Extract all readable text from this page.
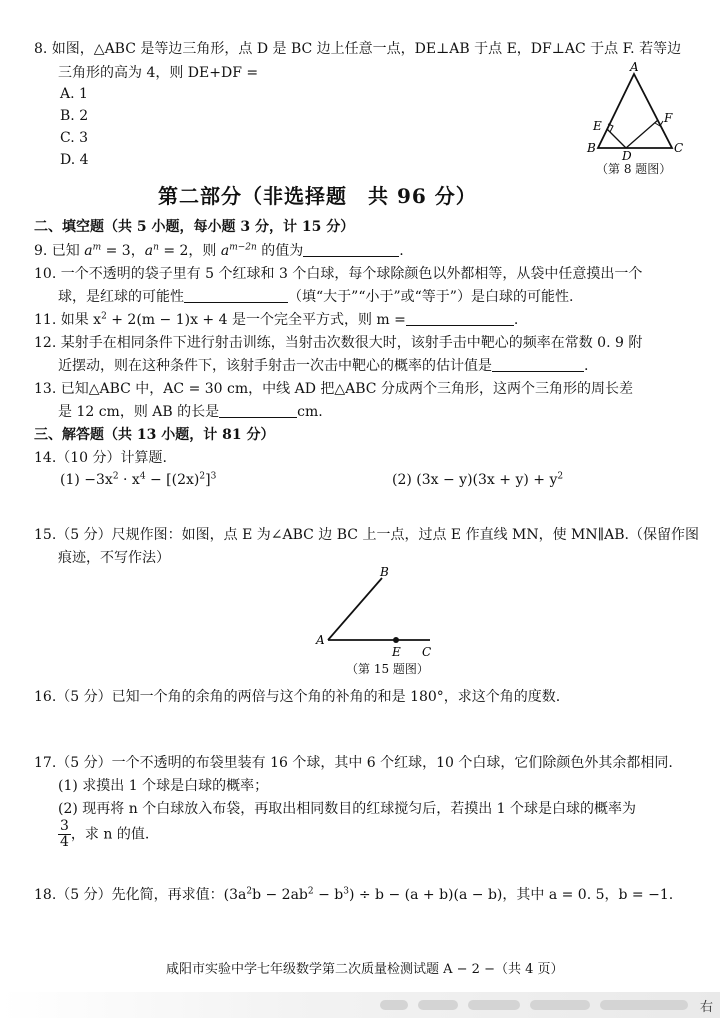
8. 如图，△ABC 是等边三角形，点 D 是 BC 边上任意一点，DE⊥AB 于点 E，DF⊥AC 于点 F. 若等边
三角形的高为 4，则 DE+DF =
A. 1
B. 2
C. 3
D. 4
A
E
F
B
D
C
（第 8 题图）
第二部分（非选择题　共 96 分）
二、填空题（共 5 小题，每小题 3 分，计 15 分）
9. 已知 $a^m = 3$，$a^n = 2$，则 $a^{m-2n}$ 的值为	.
10. 一个不透明的袋子里有 5 个红球和 3 个白球，每个球除颜色以外都相等，从袋中任意摸出一个
球，是红球的可能性	（填“大于”“小于”或“等于”）是白球的可能性.
11. 如果 $x^2 + 2(m - 1)x + 4$ 是一个完全平方式，则 m =	.
12. 某射手在相同条件下进行射击训练，当射击次数很大时，该射手击中靶心的频率在常数 0. 9 附
近摆动，则在这种条件下，该射手射击一次击中靶心的概率的估计值是	.
13. 已知△ABC 中，AC = 30 cm，中线 AD 把△ABC 分成两个三角形，这两个三角形的周长差
是 12 cm，则 AB 的长是	cm.
三、解答题（共 13 小题，计 81 分）
14.（10 分）计算题.
$(1) -3x^2 \cdot x^4 - [(2x)^2]^3$	(2) $(3x - y)(3x + y) + y^2$
15.（5 分）尺规作图：如图，点 E 为∠ABC 边 BC 上一点，过点 E 作直线 MN，使 MN∥AB.（保留作图
痕迹，不写作法）
B
A
E C
（第 15 题图）
16.（5 分）已知一个角的余角的两倍与这个角的补角的和是 180°，求这个角的度数.
17.（5 分）一个不透明的布袋里装有 16 个球，其中 6 个红球，10 个白球，它们除颜色外其余都相同.
(1) 求摸出 1 个球是白球的概率；
(2) 现再将 n 个白球放入布袋，再取出相同数目的红球搅匀后，若摸出 1 个球是白球的概率为
$\frac{3}{4}$ ，求 n 的值.
18.（5 分）先化简，再求值：$(3a^2b - 2ab^2 - b^3) \div b - (a + b)(a - b)$，其中 a = 0. 5，b = −1.
咸阳市实验中学七年级数学第二次质量检测试题 A − 2 −（共 4 页）
右
